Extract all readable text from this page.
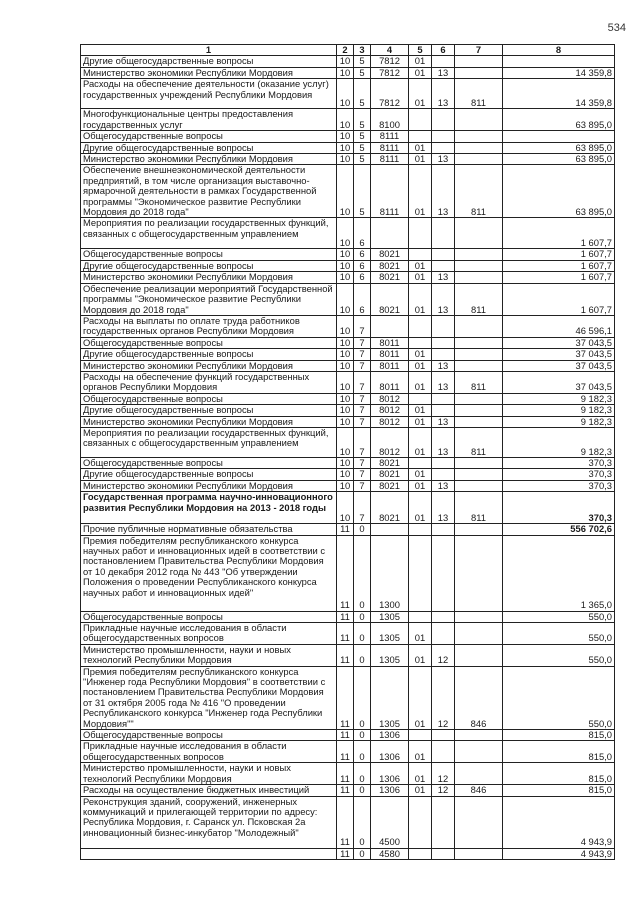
534
1	2	3	4	5	6	7	8
Другие общегосударственные вопросы	10	5	7812	01			
Министерство экономики Республики Мордовия	10	5	7812	01	13		14 359,8
Расходы на обеспечение деятельности (оказание услуг) государственных учреждений Республики Мордовия	10	5	7812	01	13	811	14 359,8
Многофункциональные центры предоставления государственных услуг	10	5	8100				63 895,0
Общегосударственные вопросы	10	5	8111				
Другие общегосударственные вопросы	10	5	8111	01			63 895,0
Министерство экономики Республики Мордовия	10	5	8111	01	13		63 895,0
Обеспечение внешнеэкономической деятельности предприятий, в том числе организация выставочно-ярмарочной деятельности в рамках Государственной программы "Экономическое развитие Республики Мордовия до 2018 года"	10	5	8111	01	13	811	63 895,0
Мероприятия по реализации государственных функций, связанных с общегосударственным управлением	10	6					1 607,7
Общегосударственные вопросы	10	6	8021				1 607,7
Другие общегосударственные вопросы	10	6	8021	01			1 607,7
Министерство экономики Республики Мордовия	10	6	8021	01	13		1 607,7
Обеспечение реализации мероприятий Государственной программы "Экономическое развитие Республики Мордовия до 2018 года"	10	6	8021	01	13	811	1 607,7
Расходы на выплаты по оплате труда работников государственных органов Республики Мордовия	10	7					46 596,1
Общегосударственные вопросы	10	7	8011				37 043,5
Другие общегосударственные вопросы	10	7	8011	01			37 043,5
Министерство экономики Республики Мордовия	10	7	8011	01	13		37 043,5
Расходы на обеспечение функций государственных органов Республики Мордовия	10	7	8011	01	13	811	37 043,5
Общегосударственные вопросы	10	7	8012				9 182,3
Другие общегосударственные вопросы	10	7	8012	01			9 182,3
Министерство экономики Республики Мордовия	10	7	8012	01	13		9 182,3
Мероприятия по реализации государственных функций, связанных с общегосударственным управлением	10	7	8012	01	13	811	9 182,3
Общегосударственные вопросы	10	7	8021				370,3
Другие общегосударственные вопросы	10	7	8021	01			370,3
Министерство экономики Республики Мордовия	10	7	8021	01	13		370,3
Государственная программа научно-инновационного развития Республики Мордовия на 2013 - 2018 годы	10	7	8021	01	13	811	370,3
Прочие публичные нормативные обязательства	11	0					556 702,6
Премия победителям республиканского конкурса научных работ и инновационных идей в соответствии с постановлением Правительства Республики Мордовия от 10 декабря 2012 года № 443 "Об утверждении Положения о проведении Республиканского конкурса научных работ и инновационных идей"	11	0	1300				1 365,0
Общегосударственные вопросы	11	0	1305				550,0
Прикладные научные исследования в области общегосударственных вопросов	11	0	1305	01			550,0
Министерство промышленности, науки и новых технологий Республики Мордовия	11	0	1305	01	12		550,0
Премия победителям республиканского конкурса "Инженер года Республики Мордовия" в соответствии с постановлением Правительства Республики Мордовия от 31 октября 2005 года № 416 "О проведении Республиканского конкурса "Инженер года Республики Мордовия""	11	0	1305	01	12	846	550,0
Общегосударственные вопросы	11	0	1306				815,0
Прикладные научные исследования в области общегосударственных вопросов	11	0	1306	01			815,0
Министерство промышленности, науки и новых технологий Республики Мордовия	11	0	1306	01	12		815,0
Расходы на осуществление бюджетных инвестиций	11	0	1306	01	12	846	815,0
Реконструкция зданий, сооружений, инженерных коммуникаций и прилегающей территории по адресу: Республика Мордовия, г. Саранск ул. Псковская 2а инновационный бизнес-инкубатор "Молодежный"	11	0	4500				4 943,9
	11	0	4580				4 943,9
